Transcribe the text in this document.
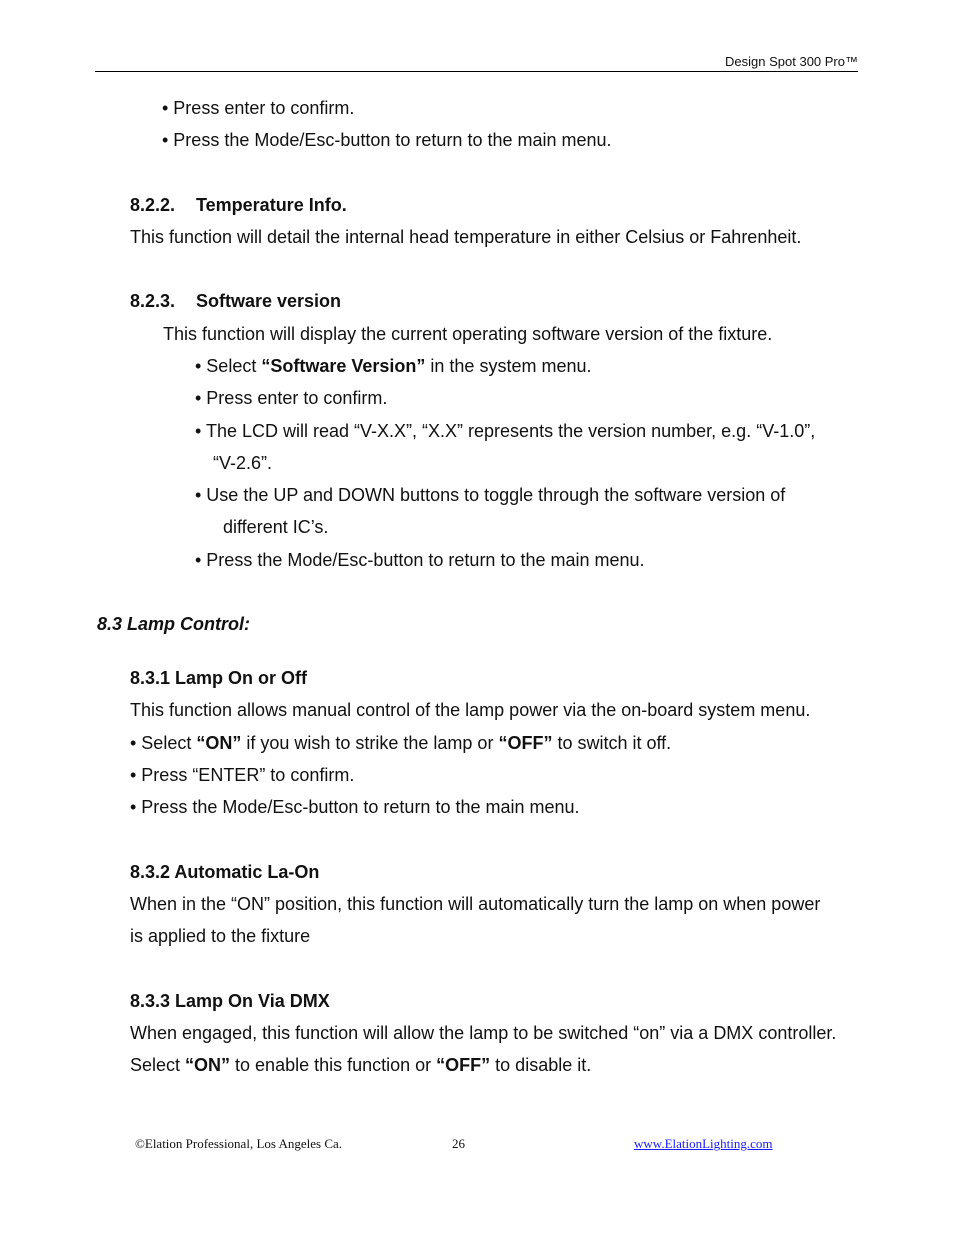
Design Spot 300 Pro™
• Press enter to confirm.
• Press the Mode/Esc-button to return to the main menu.
8.2.2. Temperature Info.
This function will detail the internal head temperature in either Celsius or Fahrenheit.
8.2.3. Software version
This function will display the current operating software version of the fixture.
• Select “Software Version” in the system menu.
• Press enter to confirm.
• The LCD will read “V-X.X”, “X.X” represents the version number, e.g. “V-1.0”,
“V-2.6”.
• Use the UP and DOWN buttons to toggle through the software version of
different IC’s.
• Press the Mode/Esc-button to return to the main menu.
8.3 Lamp Control:
8.3.1 Lamp On or Off
This function allows manual control of the lamp power via the on-board system menu.
• Select “ON” if you wish to strike the lamp or “OFF” to switch it off.
• Press “ENTER” to confirm.
• Press the Mode/Esc-button to return to the main menu.
8.3.2 Automatic La-On
When in the “ON” position, this function will automatically turn the lamp on when power
is applied to the fixture
8.3.3 Lamp On Via DMX
When engaged, this function will allow the lamp to be switched “on” via a DMX controller.
Select “ON” to enable this function or “OFF” to disable it.
©Elation Professional, Los Angeles Ca.	26	www.ElationLighting.com
